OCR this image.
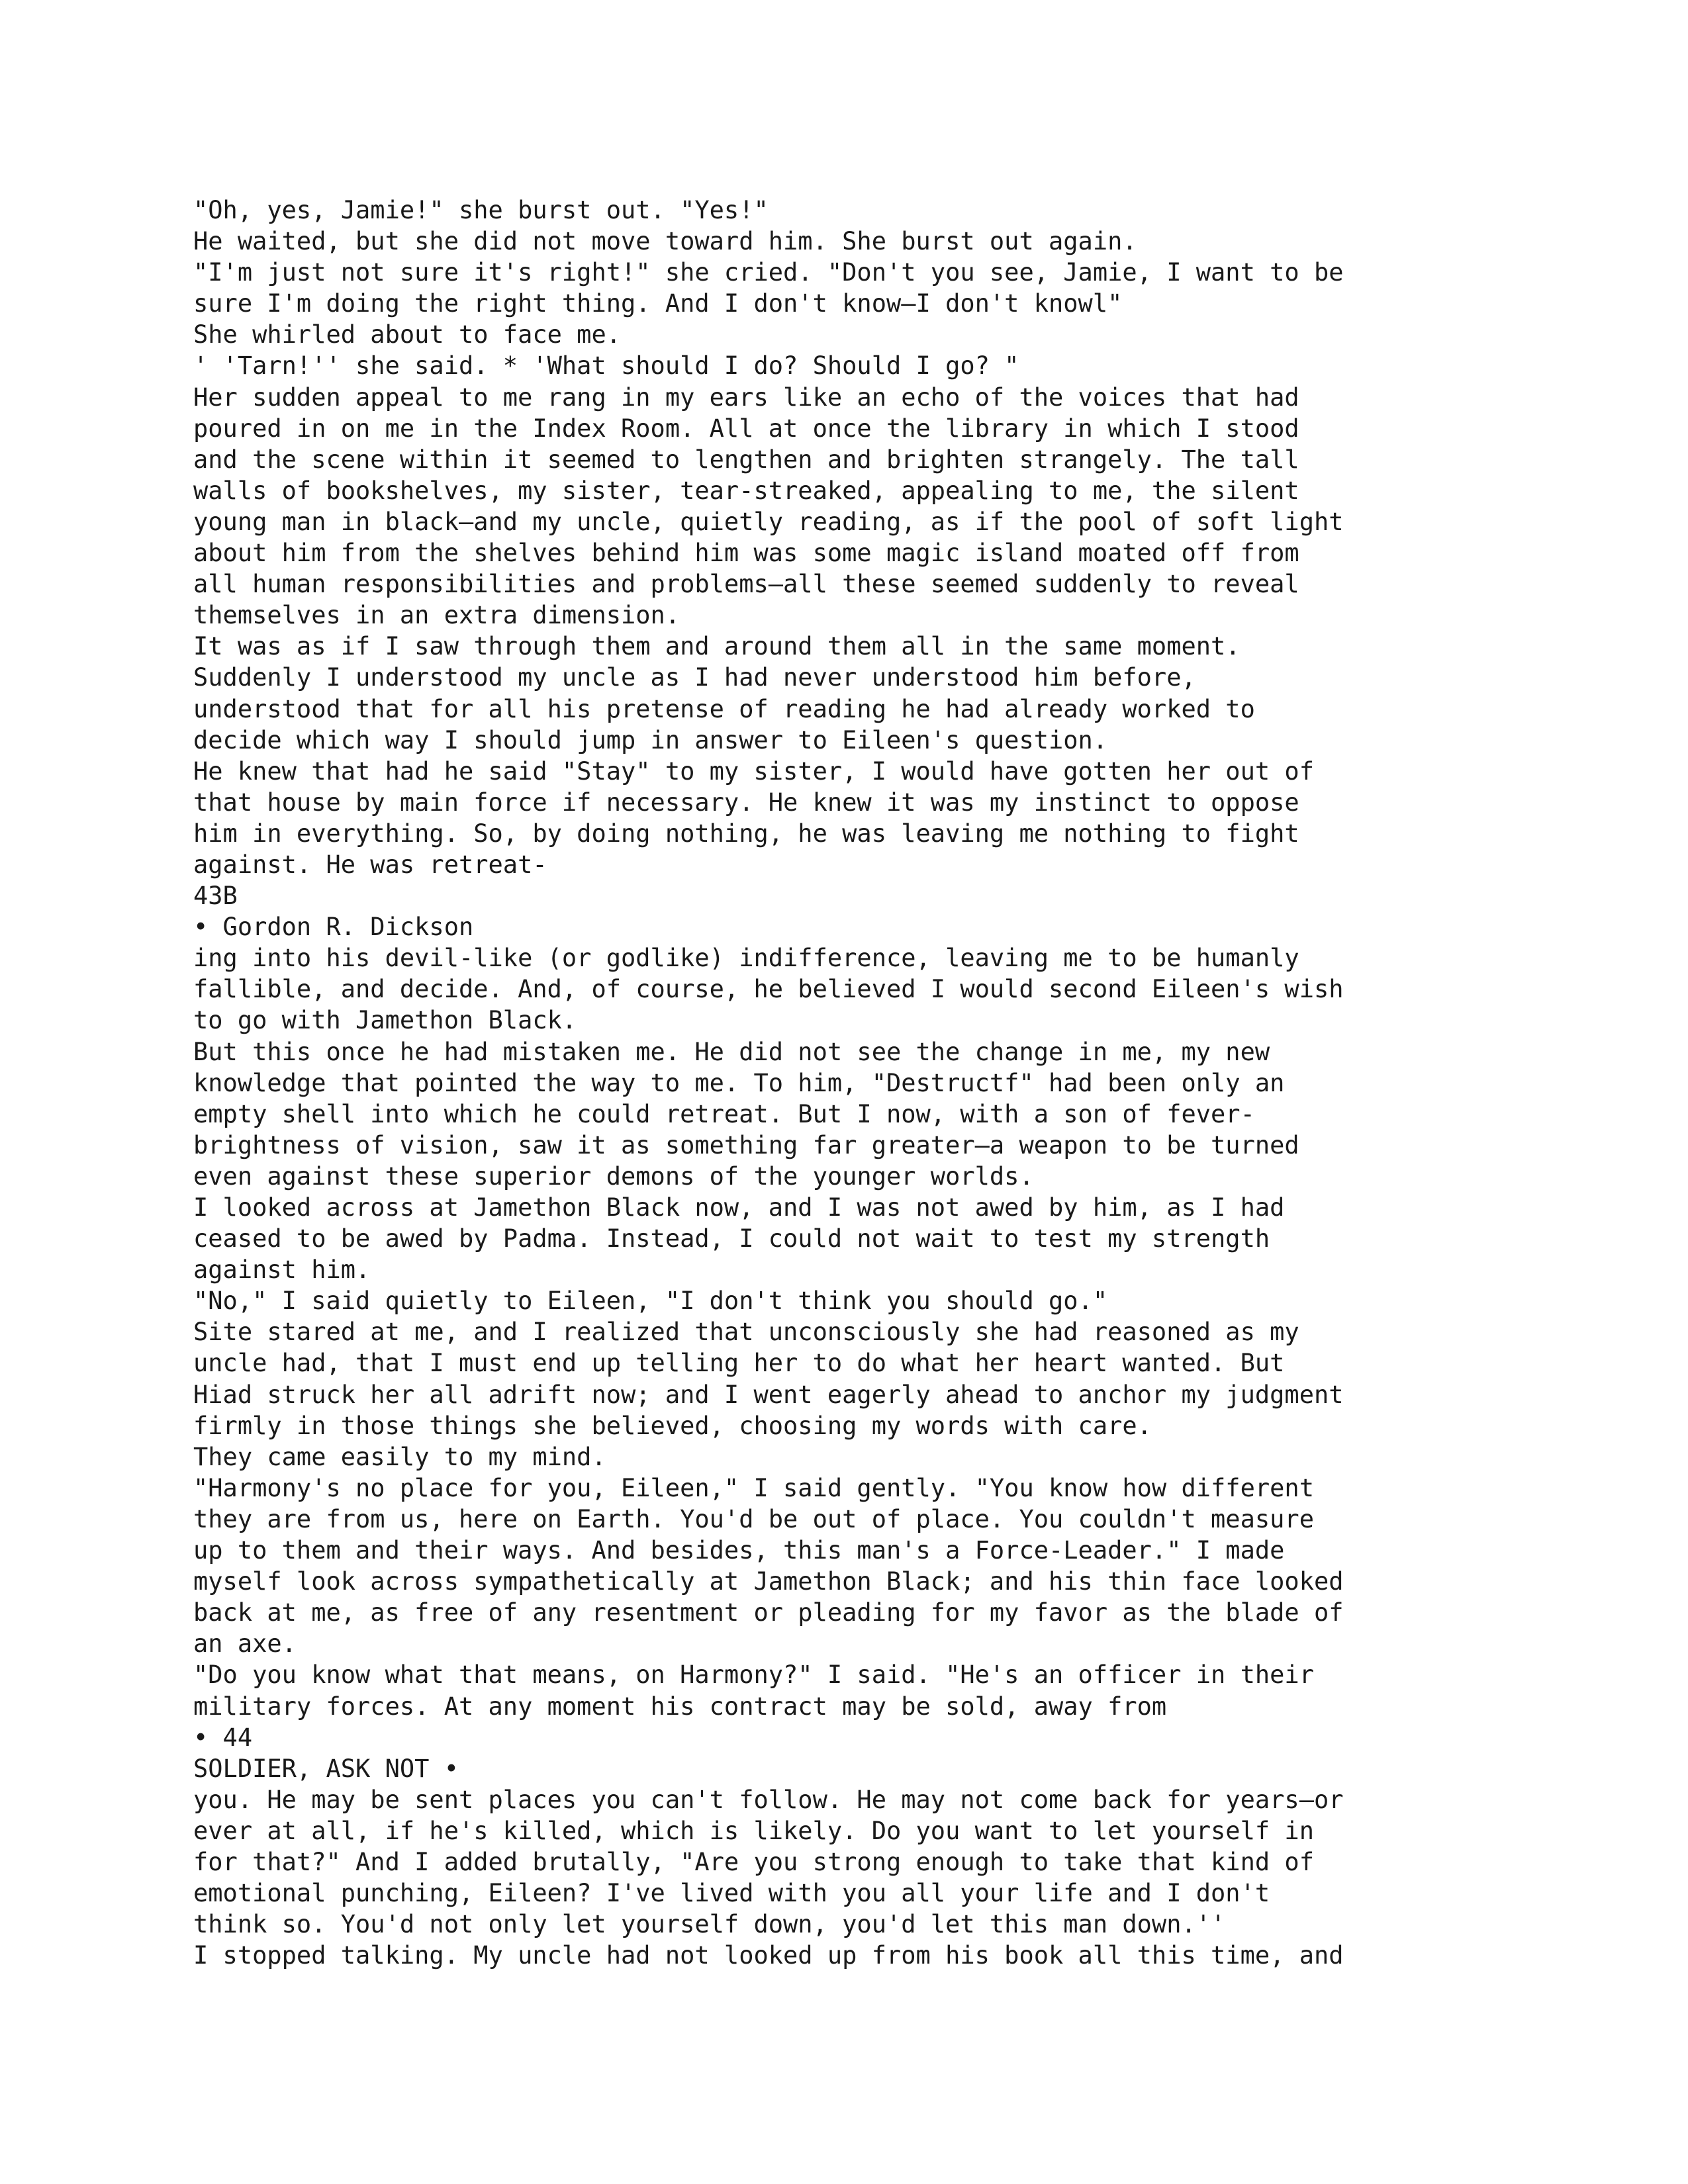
"Oh, yes, Jamie!" she burst out. "Yes!"
He waited, but she did not move toward him. She burst out again.
"I'm just not sure it's right!" she cried. "Don't you see, Jamie, I want to be
sure I'm doing the right thing. And I don't know—I don't knowl"
She whirled about to face me.
' 'Tarn!'' she said. * 'What should I do? Should I go? "
Her sudden appeal to me rang in my ears like an echo of the voices that had
poured in on me in the Index Room. All at once the library in which I stood
and the scene within it seemed to lengthen and brighten strangely. The tall
walls of bookshelves, my sister, tear-streaked, appealing to me, the silent
young man in black—and my uncle, quietly reading, as if the pool of soft light
about him from the shelves behind him was some magic island moated off from
all human responsibilities and problems—all these seemed suddenly to reveal
themselves in an extra dimension.
It was as if I saw through them and around them all in the same moment.
Suddenly I understood my uncle as I had never understood him before,
understood that for all his pretense of reading he had already worked to
decide which way I should jump in answer to Eileen's question.
He knew that had he said "Stay" to my sister, I would have gotten her out of
that house by main force if necessary. He knew it was my instinct to oppose
him in everything. So, by doing nothing, he was leaving me nothing to fight
against. He was retreat-
43B
• Gordon R. Dickson
ing into his devil-like (or godlike) indifference, leaving me to be humanly
fallible, and decide. And, of course, he believed I would second Eileen's wish
to go with Jamethon Black.
But this once he had mistaken me. He did not see the change in me, my new
knowledge that pointed the way to me. To him, "Destructf" had been only an
empty shell into which he could retreat. But I now, with a son of fever-
brightness of vision, saw it as something far greater—a weapon to be turned
even against these superior demons of the younger worlds.
I looked across at Jamethon Black now, and I was not awed by him, as I had
ceased to be awed by Padma. Instead, I could not wait to test my strength
against him.
"No," I said quietly to Eileen, "I don't think you should go."
Site stared at me, and I realized that unconsciously she had reasoned as my
uncle had, that I must end up telling her to do what her heart wanted. But
Hiad struck her all adrift now; and I went eagerly ahead to anchor my judgment
firmly in those things she believed, choosing my words with care.
They came easily to my mind.
"Harmony's no place for you, Eileen," I said gently. "You know how different
they are from us, here on Earth. You'd be out of place. You couldn't measure
up to them and their ways. And besides, this man's a Force-Leader." I made
myself look across sympathetically at Jamethon Black; and his thin face looked
back at me, as free of any resentment or pleading for my favor as the blade of
an axe.
"Do you know what that means, on Harmony?" I said. "He's an officer in their
military forces. At any moment his contract may be sold, away from
• 44
SOLDIER, ASK NOT •
you. He may be sent places you can't follow. He may not come back for years—or
ever at all, if he's killed, which is likely. Do you want to let yourself in
for that?" And I added brutally, "Are you strong enough to take that kind of
emotional punching, Eileen? I've lived with you all your life and I don't
think so. You'd not only let yourself down, you'd let this man down.''
I stopped talking. My uncle had not looked up from his book all this time, and
